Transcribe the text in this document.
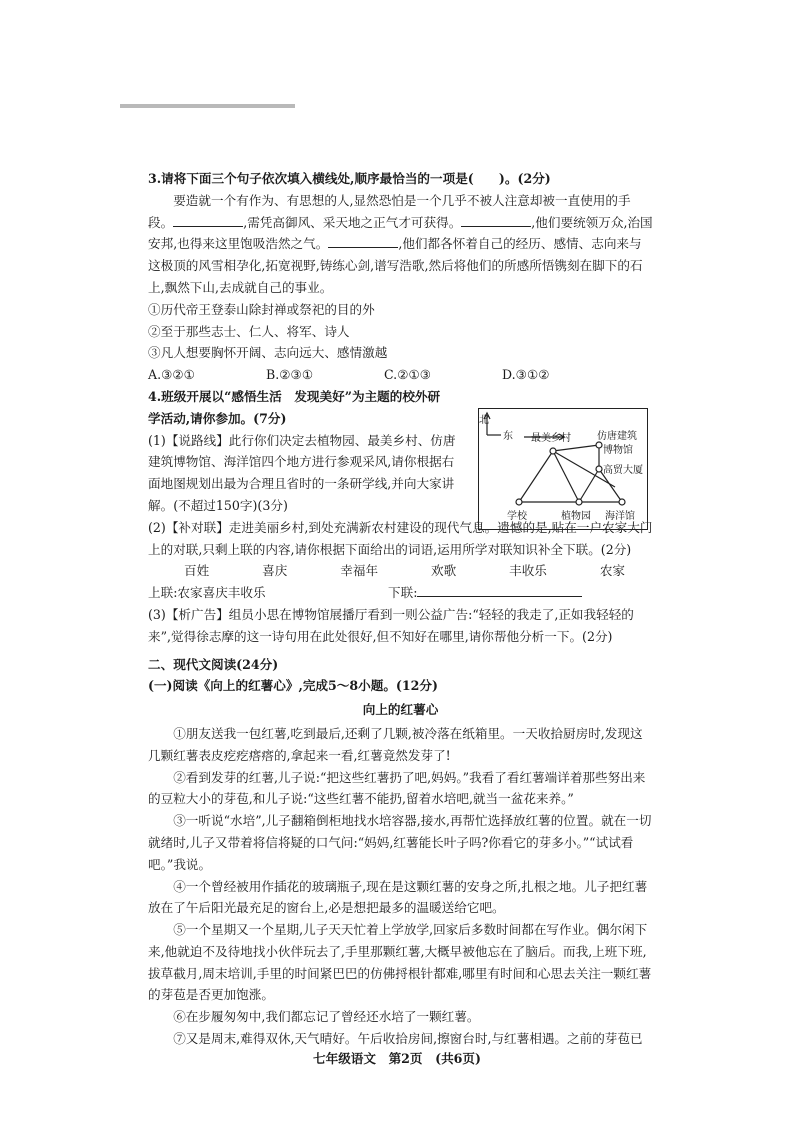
3.请将下面三个句子依次填入横线处,顺序最恰当的一项是(　　)。(2分)

要造就一个有作为、有思想的人,显然恐怕是一个几乎不被人注意却被一直使用的手段。	,需凭高御风、采天地之正气才可获得。	,他们要统领万众,治国安邦,也得来这里饱吸浩然之气。	,他们都各怀着自己的经历、感情、志向来与这极顶的风雪相孕化,拓宽视野,铸练心剑,谱写浩歌,然后将他们的所感所悟镌刻在脚下的石上,飘然下山,去成就自己的事业。

①历代帝王登泰山除封禅或祭祀的目的外

②至于那些志士、仁人、将军、诗人

③凡人想要胸怀开阔、志向远大、感情激越

A.③②①	B.②③①	C.②①③	D.③①②

4.班级开展以“感悟生活　发现美好”为主题的校外研

学活动,请你参加。(7分)

(1)【说路线】此行你们决定去植物园、最美乡村、仿唐建筑博物馆、海洋馆四个地方进行参观采风,请你根据右面地图规划出最为合理且省时的一条研学线,并向大家讲解。(不超过150字)(3分)

北
东 最美乡村	仿唐建筑
博物馆
高贸大厦
学校	植物园 海洋馆

(2)【补对联】走进美丽乡村,到处充满新农村建设的现代气息。遗憾的是,贴在一户农家大门上的对联,只剩上联的内容,请你根据下面给出的词语,运用所学对联知识补全下联。(2分)

百姓	喜庆	幸福年	欢歌	丰收乐	农家
上联:农家喜庆丰收乐	下联:

(3)【析广告】组员小思在博物馆展播厅看到一则公益广告:“轻轻的我走了,正如我轻轻的来”,觉得徐志摩的这一诗句用在此处很好,但不知好在哪里,请你帮他分析一下。(2分)

二、现代文阅读(24分)

(一)阅读《向上的红薯心》,完成5～8小题。(12分)

向上的红薯心

①朋友送我一包红薯,吃到最后,还剩了几颗,被冷落在纸箱里。一天收拾厨房时,发现这几颗红薯表皮疙疙瘩瘩的,拿起来一看,红薯竟然发芽了!

②看到发芽的红薯,儿子说:“把这些红薯扔了吧,妈妈。”我看了看红薯端详着那些努出来的豆粒大小的芽苞,和儿子说:“这些红薯不能扔,留着水培吧,就当一盆花来养。”

③一听说“水培”,儿子翻箱倒柜地找水培容器,接水,再帮忙选择放红薯的位置。就在一切就绪时,儿子又带着将信将疑的口气问:“妈妈,红薯能长叶子吗?你看它的芽多小。”“试试看吧。”我说。

④一个曾经被用作插花的玻璃瓶子,现在是这颗红薯的安身之所,扎根之地。儿子把红薯放在了午后阳光最充足的窗台上,必是想把最多的温暖送给它吧。

⑤一个星期又一个星期,儿子天天忙着上学放学,回家后多数时间都在写作业。偶尔闲下来,他就迫不及待地找小伙伴玩去了,手里那颗红薯,大概早被他忘在了脑后。而我,上班下班,拔草截月,周末培训,手里的时间紧巴巴的仿佛捋根针都难,哪里有时间和心思去关注一颗红薯的芽苞是否更加饱涨。

⑥在步履匆匆中,我们都忘记了曾经还水培了一颗红薯。

⑦又是周末,难得双休,天气晴好。午后收拾房间,擦窗台时,与红薯相遇。之前的芽苞已

七年级语文　第2页　(共6页)
